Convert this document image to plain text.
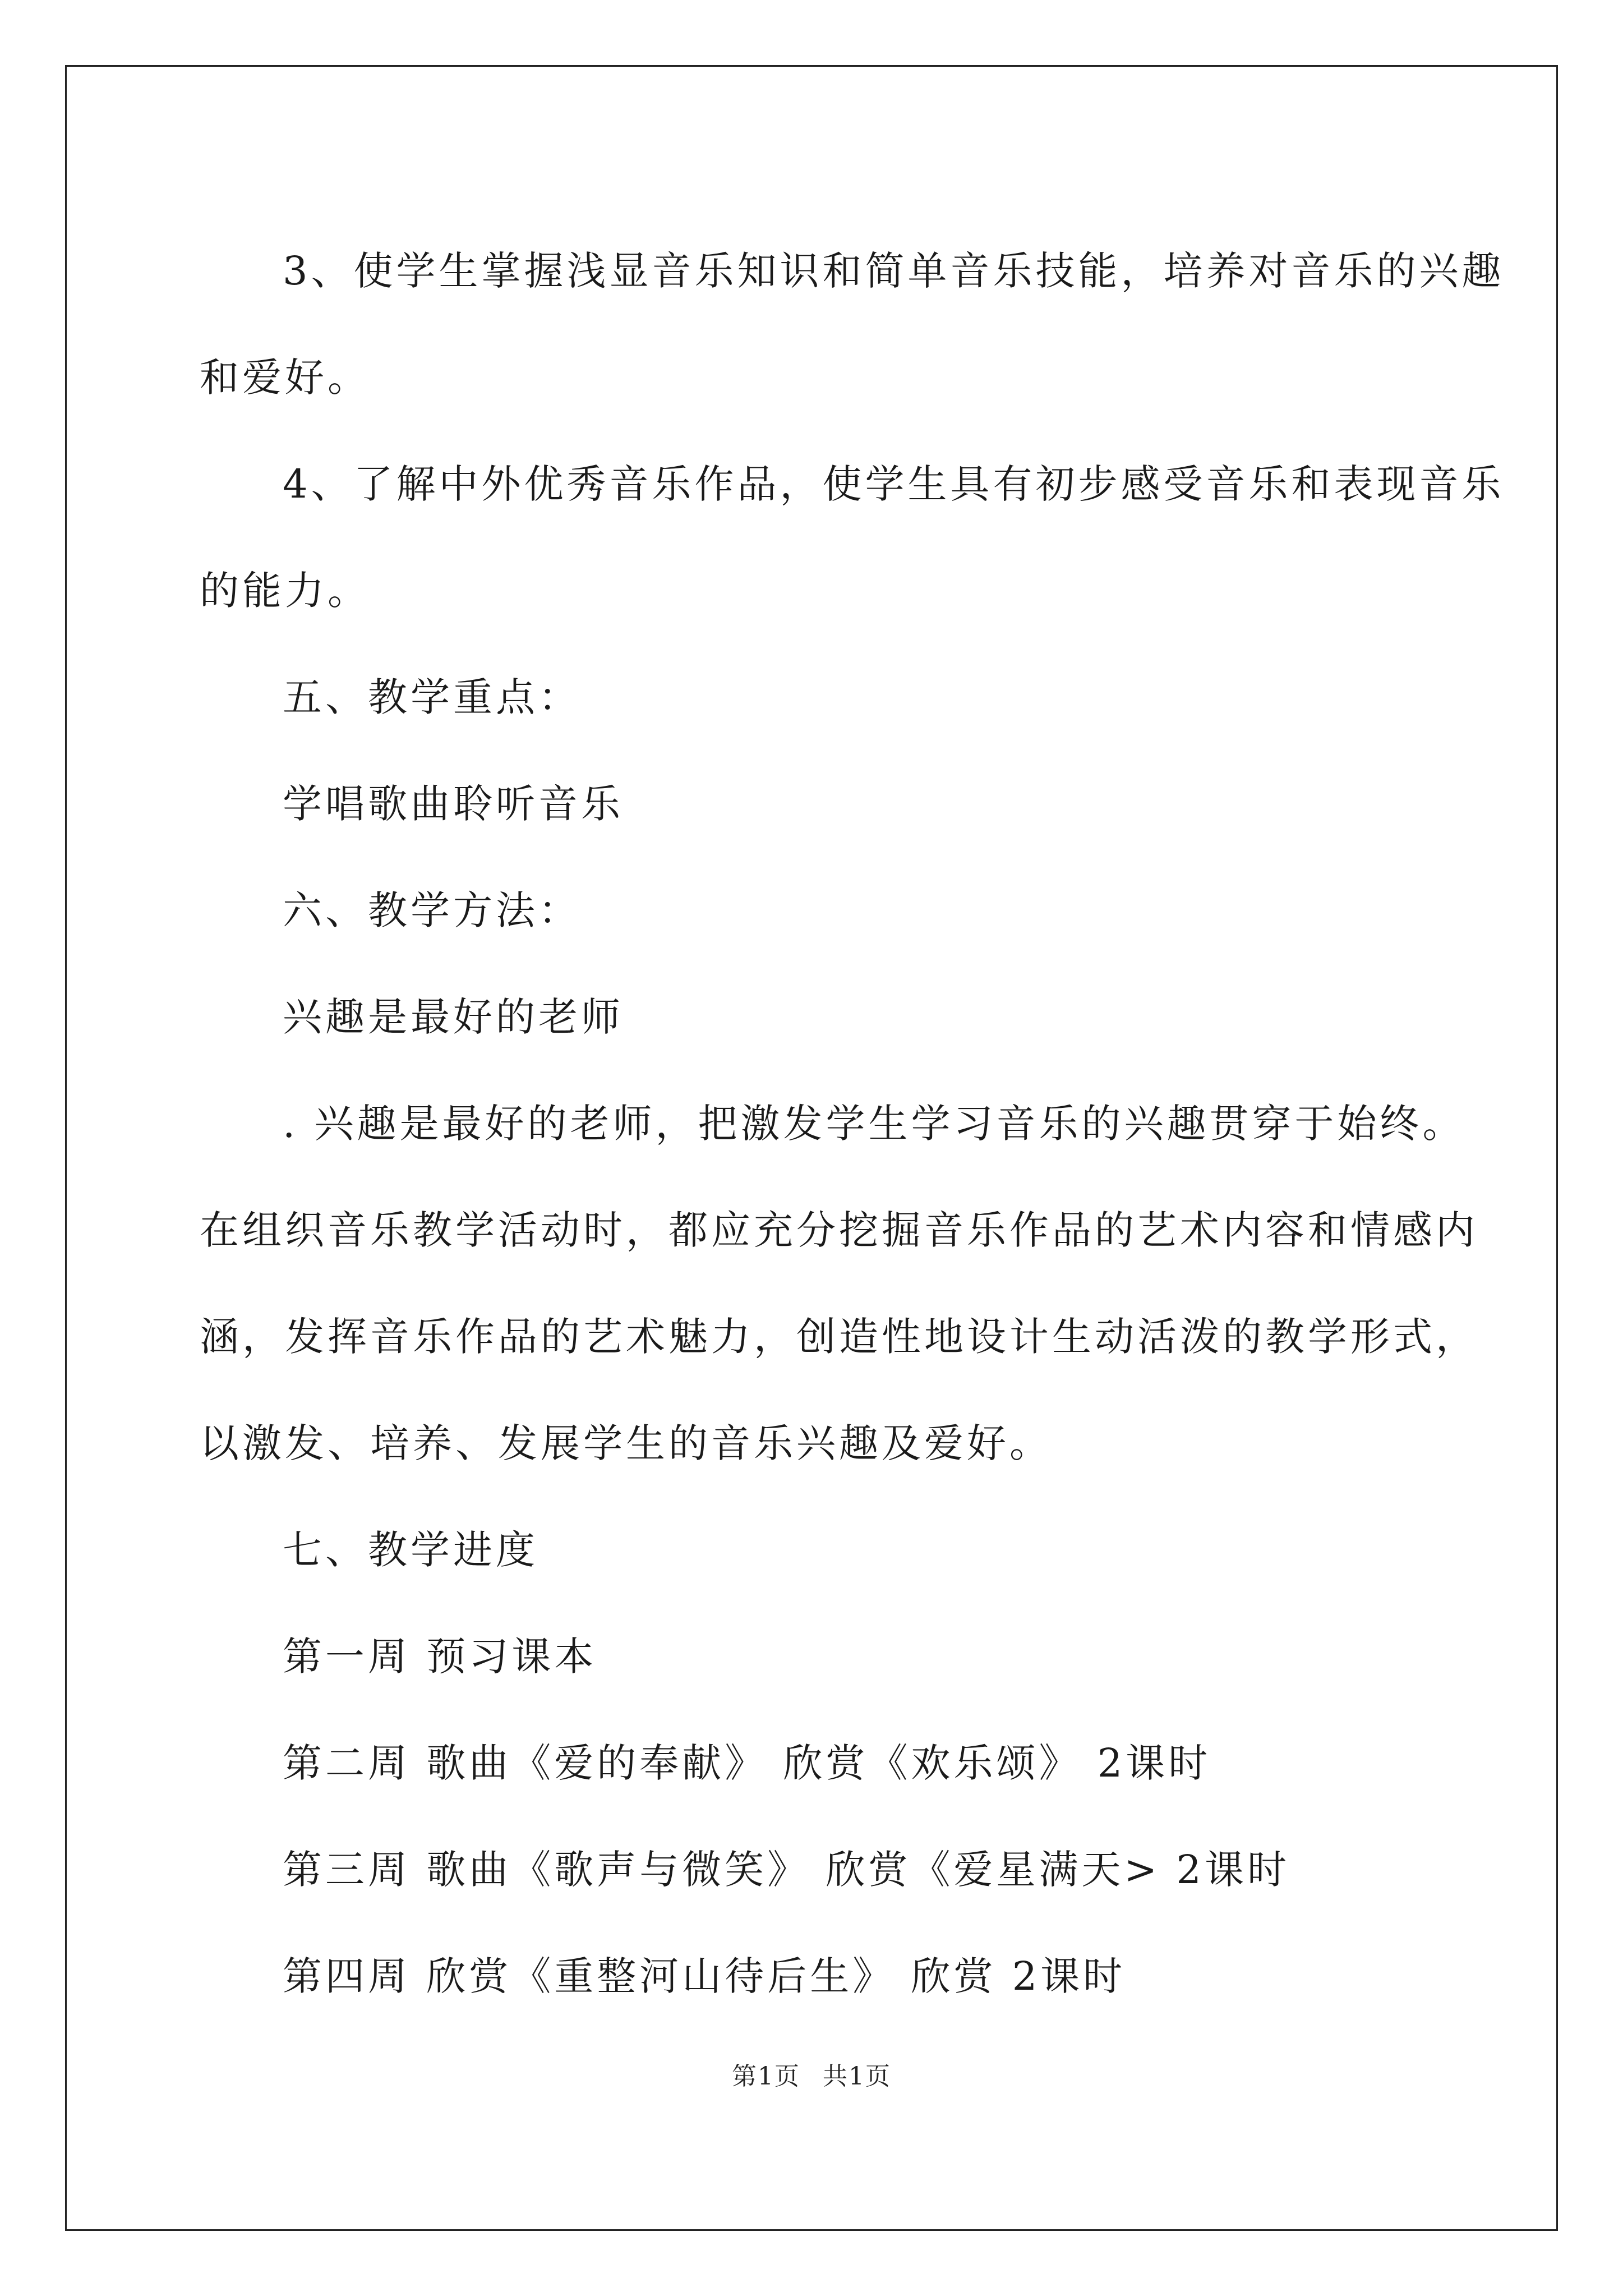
3、使学生掌握浅显音乐知识和简单音乐技能，培养对音乐的兴趣

和爱好。

4、了解中外优秀音乐作品，使学生具有初步感受音乐和表现音乐

的能力。

五、教学重点：

学唱歌曲聆听音乐

六、教学方法：

兴趣是最好的老师

. 兴趣是最好的老师，把激发学生学习音乐的兴趣贯穿于始终。

在组织音乐教学活动时，都应充分挖掘音乐作品的艺术内容和情感内

涵，发挥音乐作品的艺术魅力，创造性地设计生动活泼的教学形式，

以激发、培养、发展学生的音乐兴趣及爱好。

七、教学进度

第一周 预习课本

第二周 歌曲《爱的奉献》 欣赏《欢乐颂》 2课时

第三周 歌曲《歌声与微笑》 欣赏《爱星满天> 2课时

第四周 欣赏《重整河山待后生》 欣赏 2课时

第1页 共1页
